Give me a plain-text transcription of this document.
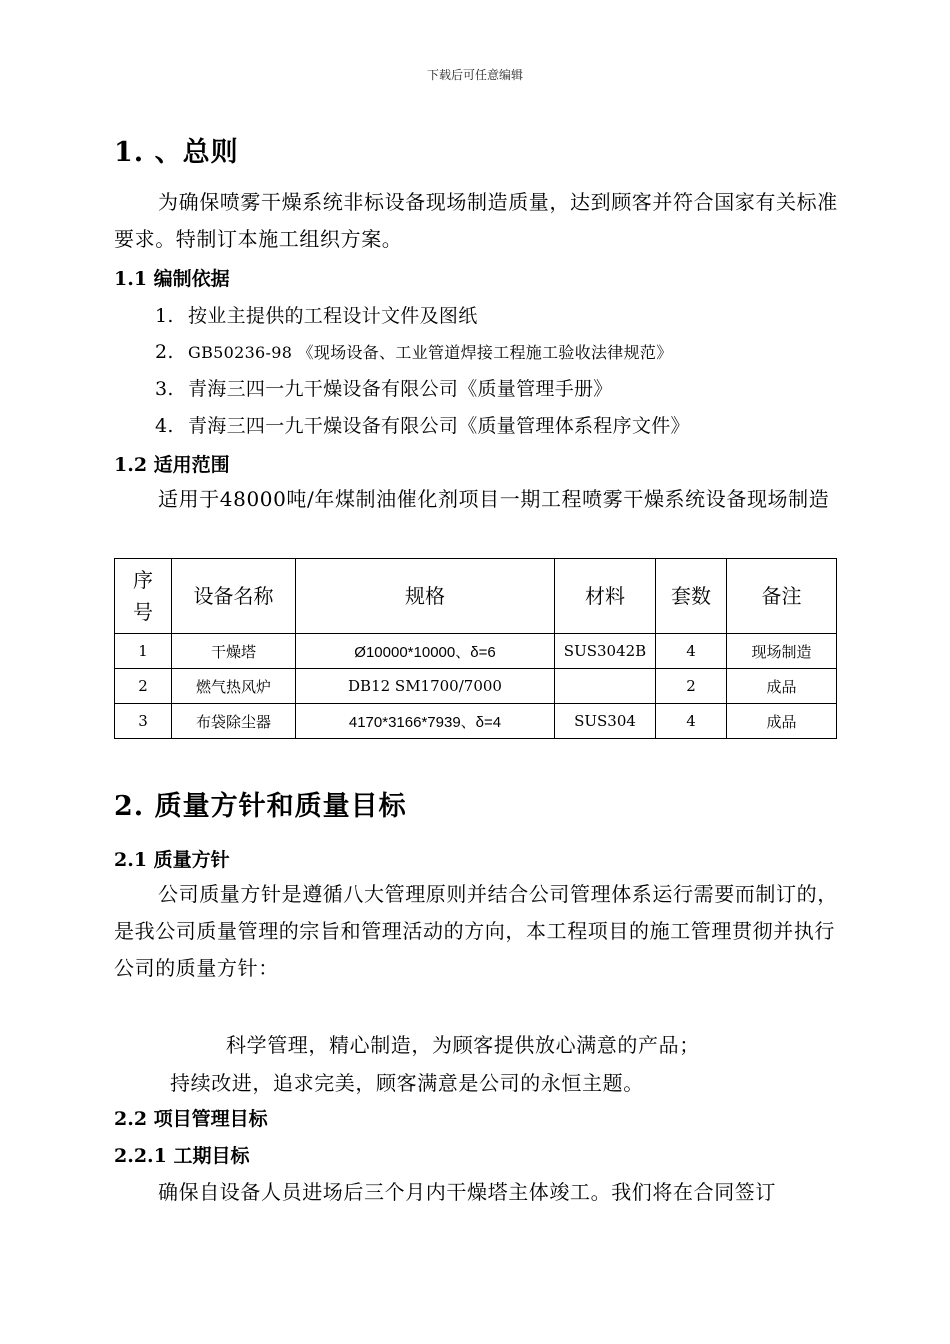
下载后可任意编辑
1. 、总则
为确保喷雾干燥系统非标设备现场制造质量，达到顾客并符合国家有关标准要求。特制订本施工组织方案。
1.1 编制依据
1. 按业主提供的工程设计文件及图纸
2. GB50236-98 《现场设备、工业管道焊接工程施工验收法律规范》
3. 青海三四一九干燥设备有限公司《质量管理手册》
4. 青海三四一九干燥设备有限公司《质量管理体系程序文件》
1.2 适用范围
适用于48000吨/年煤制油催化剂项目一期工程喷雾干燥系统设备现场制造
序号	设备名称	规格	材料	套数	备注
1	干燥塔	Ø10000*10000、δ=6	SUS3042B	4	现场制造
2	燃气热风炉	DB12 SM1700/7000		2	成品
3	布袋除尘器	4170*3166*7939、δ=4	SUS304	4	成品
2. 质量方针和质量目标
2.1 质量方针
公司质量方针是遵循八大管理原则并结合公司管理体系运行需要而制订的，是我公司质量管理的宗旨和管理活动的方向，本工程项目的施工管理贯彻并执行公司的质量方针：
科学管理，精心制造，为顾客提供放心满意的产品；
持续改进，追求完美，顾客满意是公司的永恒主题。
2.2 项目管理目标
2.2.1 工期目标
确保自设备人员进场后三个月内干燥塔主体竣工。我们将在合同签订
